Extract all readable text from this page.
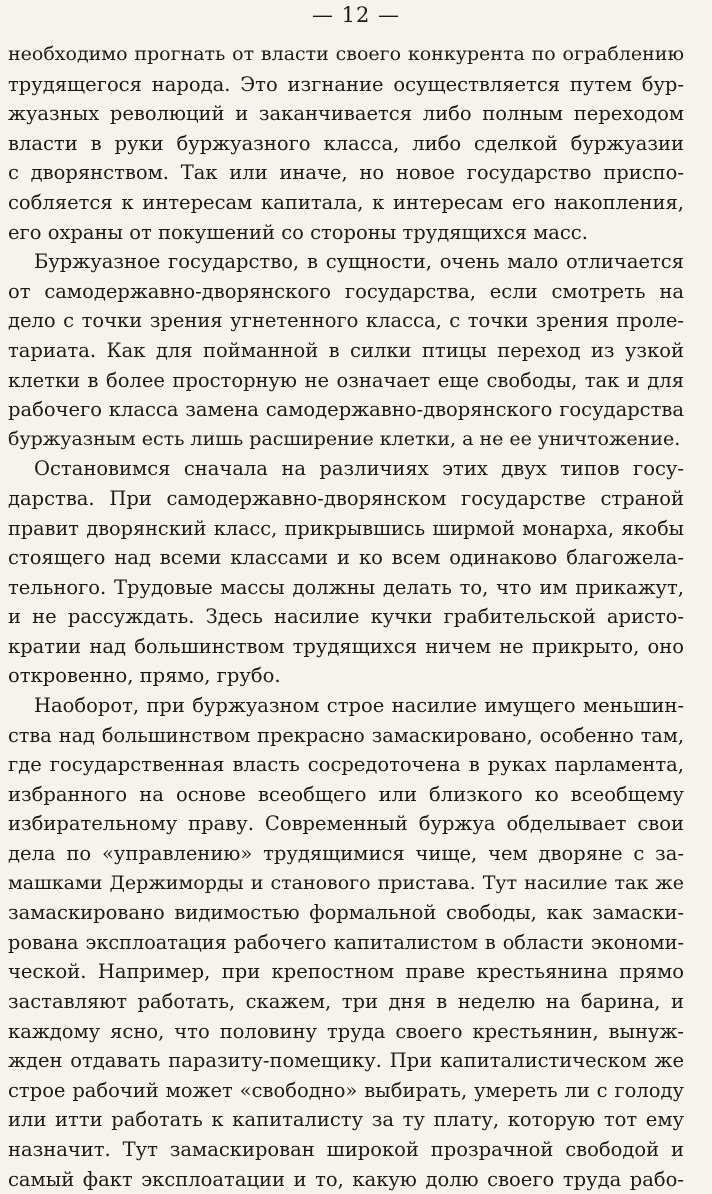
— 12 —
необходимо прогнать от власти своего конкурента по ограблению
трудящегося народа. Это изгнание осуществляется путем бур-
жуазных революций и заканчивается либо полным переходом
власти в руки буржуазного класса, либо сделкой буржуазии
с дворянством. Так или иначе, но новое государство приспо-
собляется к интересам капитала, к интересам его накопления,
его охраны от покушений со стороны трудящихся масс.
Буржуазное государство, в сущности, очень мало отличается
от самодержавно-дворянского государства, если смотреть на
дело с точки зрения угнетенного класса, с точки зрения проле-
тариата. Как для пойманной в силки птицы переход из узкой
клетки в более просторную не означает еще свободы, так и для
рабочего класса замена самодержавно-дворянского государства
буржуазным есть лишь расширение клетки, а не ее уничтожение.
Остановимся сначала на различиях этих двух типов госу-
дарства. При самодержавно-дворянском государстве страной
правит дворянский класс, прикрывшись ширмой монарха, якобы
стоящего над всеми классами и ко всем одинаково благожела-
тельного. Трудовые массы должны делать то, что им прикажут,
и не рассуждать. Здесь насилие кучки грабительской аристо-
кратии над большинством трудящихся ничем не прикрыто, оно
откровенно, прямо, грубо.
Наоборот, при буржуазном строе насилие имущего меньшин-
ства над большинством прекрасно замаскировано, особенно там,
где государственная власть сосредоточена в руках парламента,
избранного на основе всеобщего или близкого ко всеобщему
избирательному праву. Современный буржуа обделывает свои
дела по «управлению» трудящимися чище, чем дворяне с за-
машками Держиморды и станового пристава. Тут насилие так же
замаскировано видимостью формальной свободы, как замаски-
рована эксплоатация рабочего капиталистом в области экономи-
ческой. Например, при крепостном праве крестьянина прямо
заставляют работать, скажем, три дня в неделю на барина, и
каждому ясно, что половину труда своего крестьянин, вынуж-
жден отдавать паразиту-помещику. При капиталистическом же
строе рабочий может «свободно» выбирать, умереть ли с голоду
или итти работать к капиталисту за ту плату, которую тот ему
назначит. Тут замаскирован широкой прозрачной свободой и
самый факт эксплоатации и то, какую долю своего труда рабо-
